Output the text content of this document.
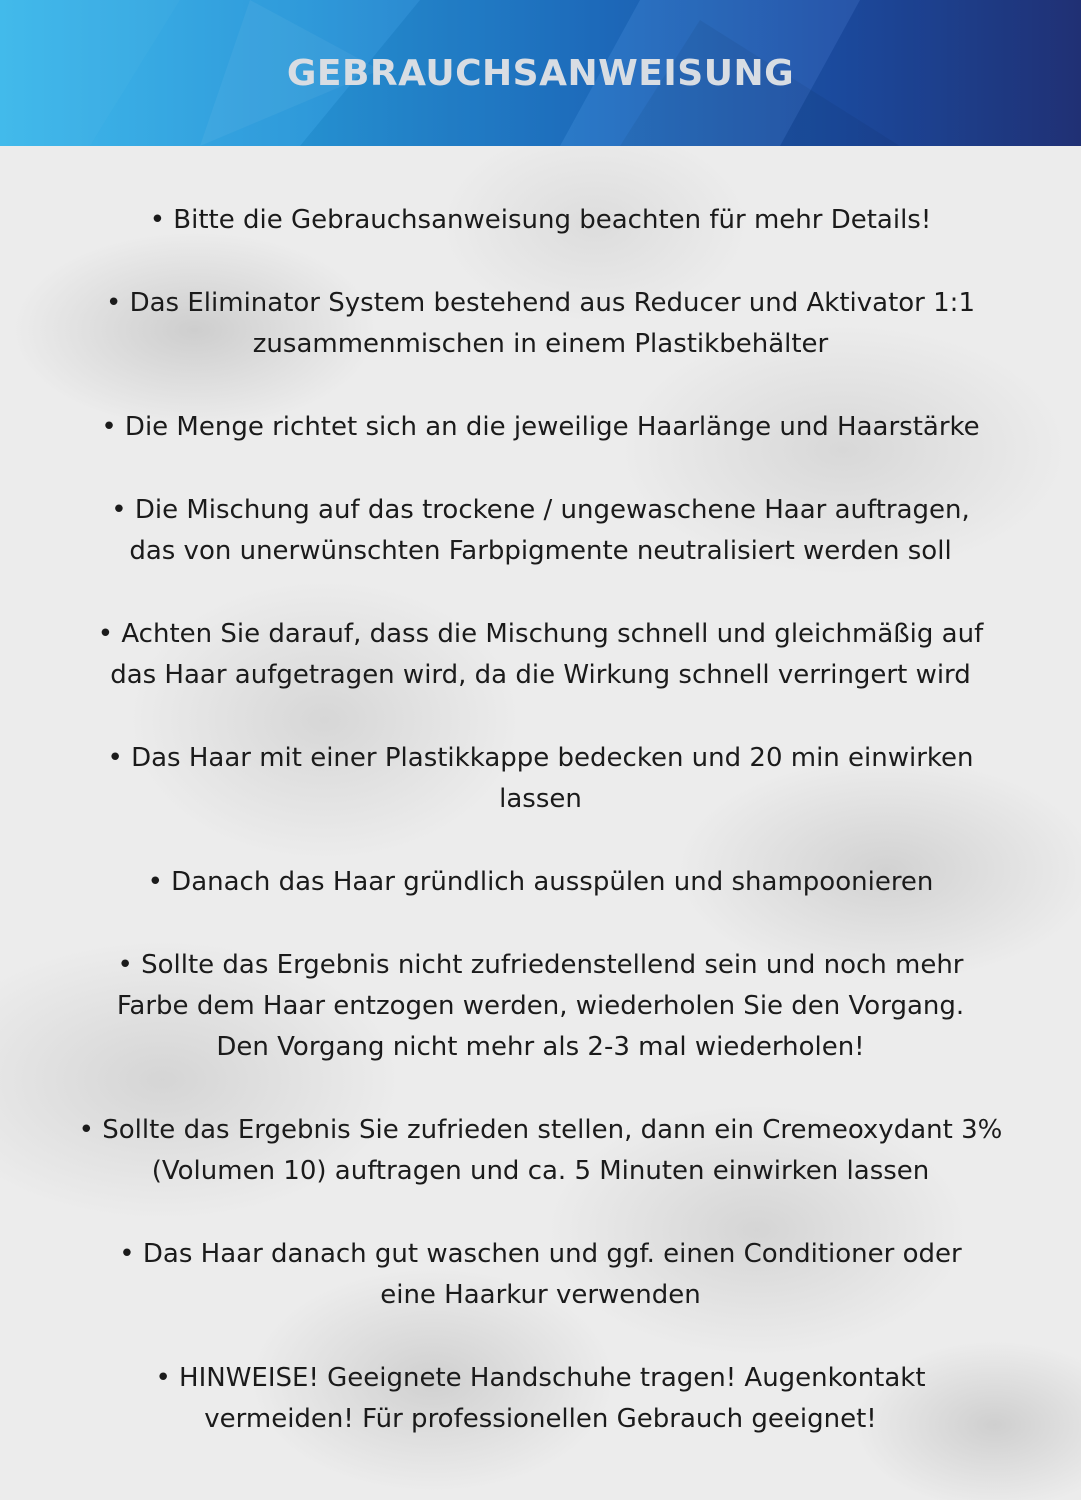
GEBRAUCHSANWEISUNG

• Bitte die Gebrauchsanweisung beachten für mehr Details!

• Das Eliminator System bestehend aus Reducer und Aktivator 1:1
zusammenmischen in einem Plastikbehälter

• Die Menge richtet sich an die jeweilige Haarlänge und Haarstärke

• Die Mischung auf das trockene / ungewaschene Haar auftragen,
das von unerwünschten Farbpigmente neutralisiert werden soll

• Achten Sie darauf, dass die Mischung schnell und gleichmäßig auf
das Haar aufgetragen wird, da die Wirkung schnell verringert wird

• Das Haar mit einer Plastikkappe bedecken und 20 min einwirken
lassen

• Danach das Haar gründlich ausspülen und shampoonieren

• Sollte das Ergebnis nicht zufriedenstellend sein und noch mehr
Farbe dem Haar entzogen werden, wiederholen Sie den Vorgang.
Den Vorgang nicht mehr als 2-3 mal wiederholen!

• Sollte das Ergebnis Sie zufrieden stellen, dann ein Cremeoxydant 3%
(Volumen 10) auftragen und ca. 5 Minuten einwirken lassen

• Das Haar danach gut waschen und ggf. einen Conditioner oder
eine Haarkur verwenden

• HINWEISE! Geeignete Handschuhe tragen! Augenkontakt
vermeiden! Für professionellen Gebrauch geeignet!
